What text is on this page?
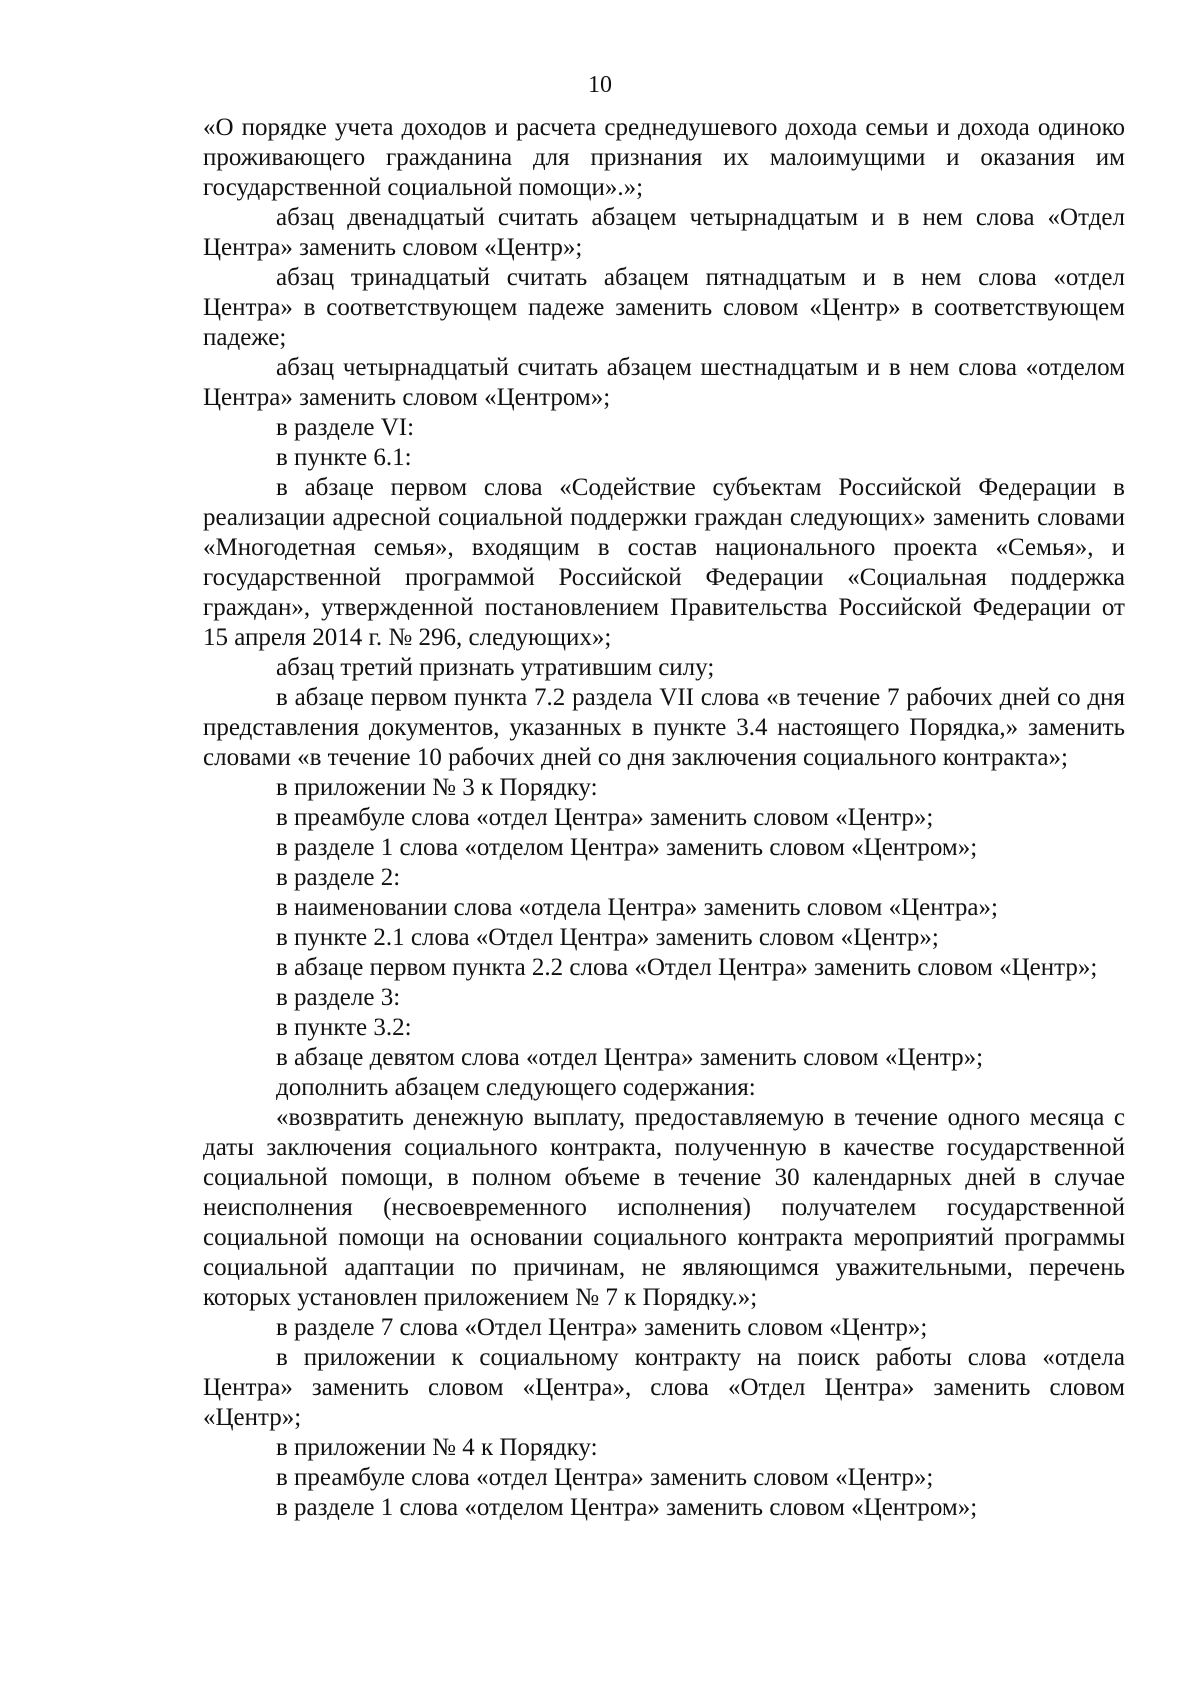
10

«О порядке учета доходов и расчета среднедушевого дохода семьи и дохода одиноко проживающего гражданина для признания их малоимущими и оказания им государственной социальной помощи».»;

абзац двенадцатый считать абзацем четырнадцатым и в нем слова «Отдел Центра» заменить словом «Центр»;

абзац тринадцатый считать абзацем пятнадцатым и в нем слова «отдел Центра» в соответствующем падеже заменить словом «Центр» в соответствующем падеже;

абзац четырнадцатый считать абзацем шестнадцатым и в нем слова «отделом Центра» заменить словом «Центром»;

в разделе VI:

в пункте 6.1:

в абзаце первом слова «Содействие субъектам Российской Федерации в реализации адресной социальной поддержки граждан следующих» заменить словами «Многодетная семья», входящим в состав национального проекта «Семья», и государственной программой Российской Федерации «Социальная поддержка граждан», утвержденной постановлением Правительства Российской Федерации от 15 апреля 2014 г. № 296, следующих»;

абзац третий признать утратившим силу;

в абзаце первом пункта 7.2 раздела VII слова «в течение 7 рабочих дней со дня представления документов, указанных в пункте 3.4 настоящего Порядка,» заменить словами «в течение 10 рабочих дней со дня заключения социального контракта»;

в приложении № 3 к Порядку:

в преамбуле слова «отдел Центра» заменить словом «Центр»;

в разделе 1 слова «отделом Центра» заменить словом «Центром»;

в разделе 2:

в наименовании слова «отдела Центра» заменить словом «Центра»;

в пункте 2.1 слова «Отдел Центра» заменить словом «Центр»;

в абзаце первом пункта 2.2 слова «Отдел Центра» заменить словом «Центр»;

в разделе 3:

в пункте 3.2:

в абзаце девятом слова «отдел Центра» заменить словом «Центр»;

дополнить абзацем следующего содержания:

«возвратить денежную выплату, предоставляемую в течение одного месяца с даты заключения социального контракта, полученную в качестве государственной социальной помощи, в полном объеме в течение 30 календарных дней в случае неисполнения (несвоевременного исполнения) получателем государственной социальной помощи на основании социального контракта мероприятий программы социальной адаптации по причинам, не являющимся уважительными, перечень которых установлен приложением № 7 к Порядку.»;

в разделе 7 слова «Отдел Центра» заменить словом «Центр»;

в приложении к социальному контракту на поиск работы слова «отдела Центра» заменить словом «Центра», слова «Отдел Центра» заменить словом «Центр»;

в приложении № 4 к Порядку:

в преамбуле слова «отдел Центра» заменить словом «Центр»;

в разделе 1 слова «отделом Центра» заменить словом «Центром»;
